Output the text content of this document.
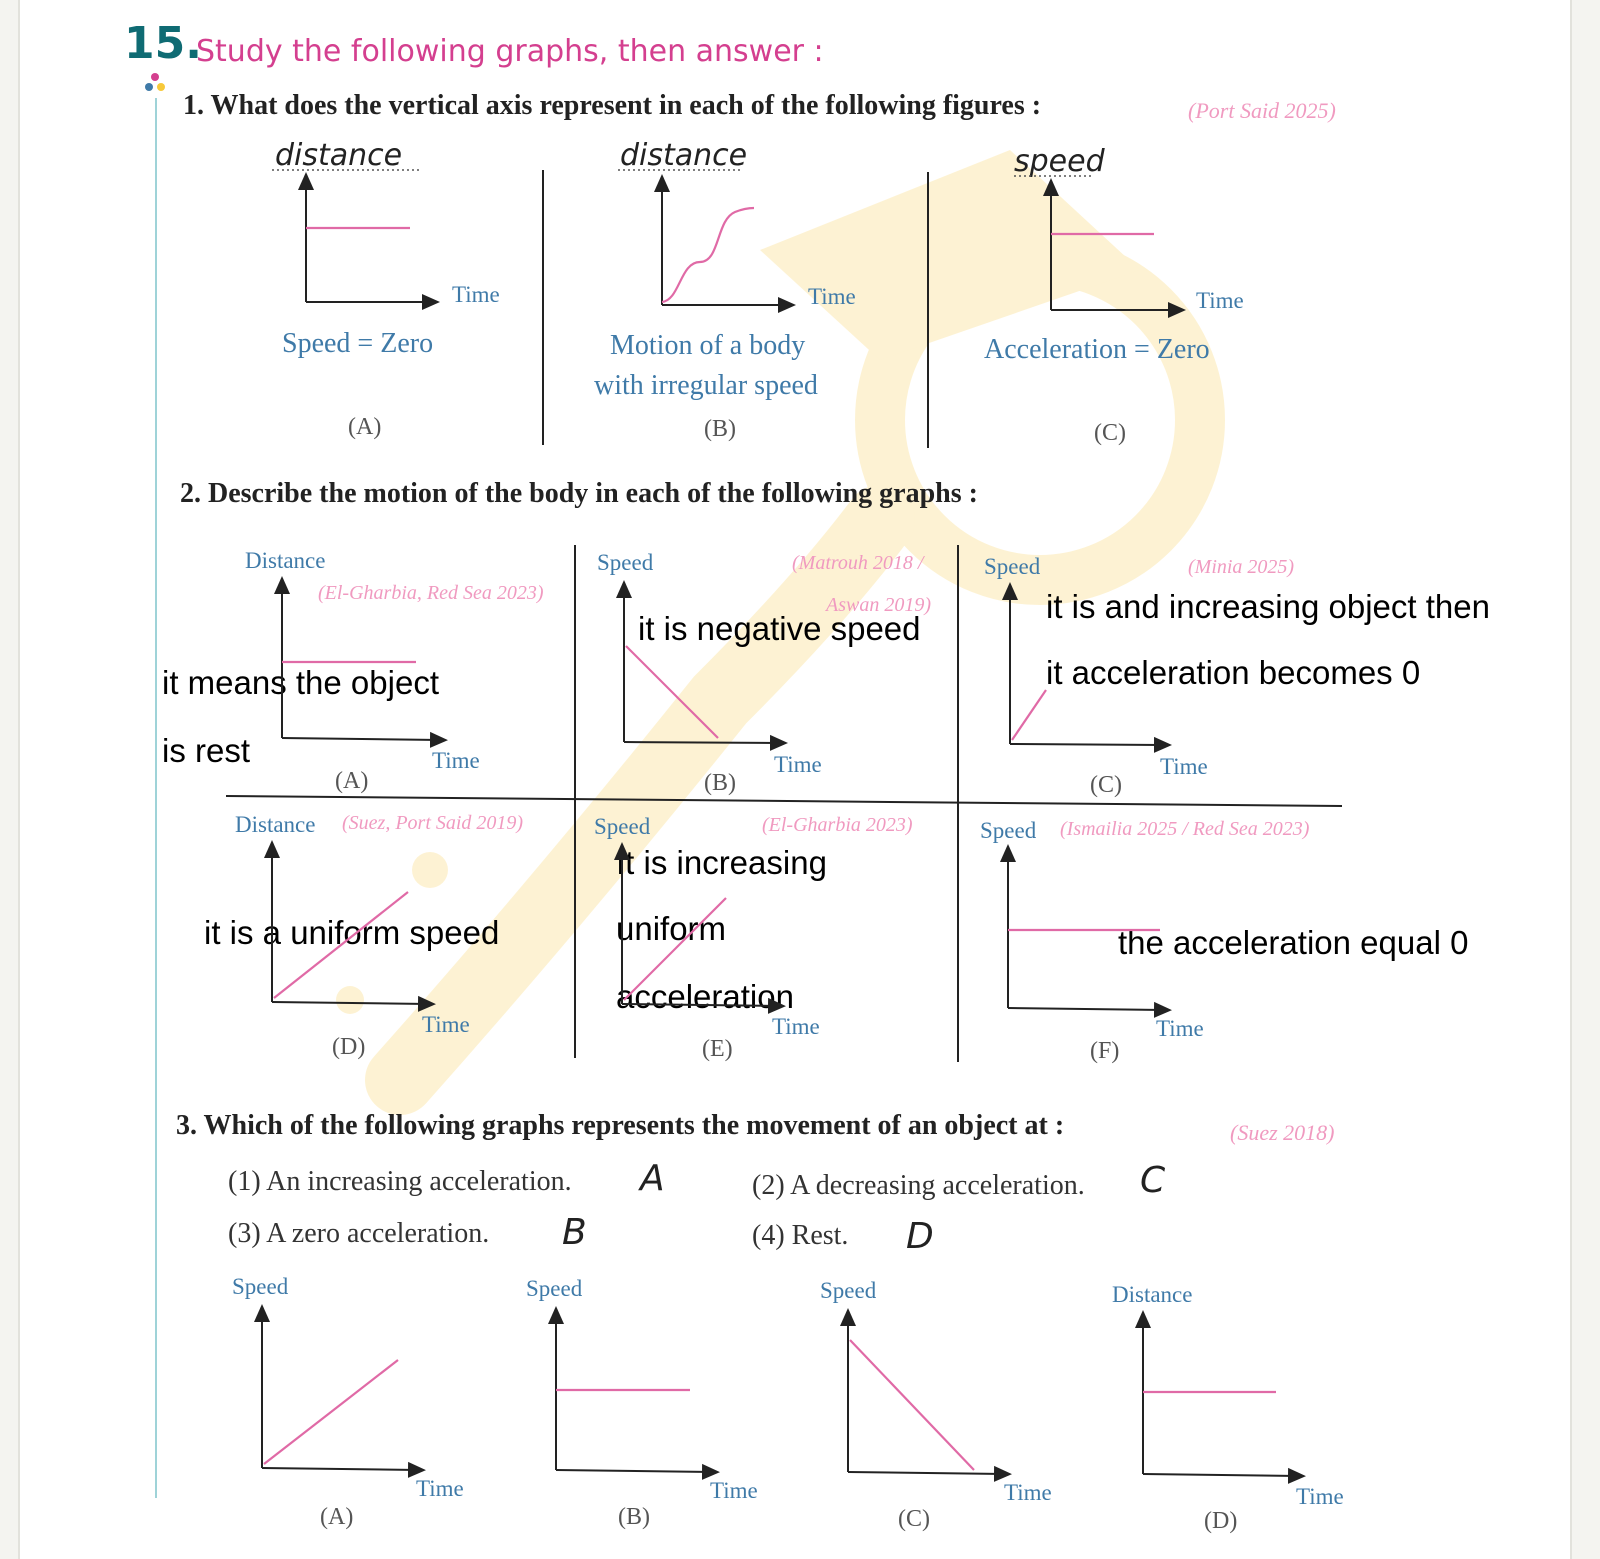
15.
Study the following graphs, then answer :
1. What does the vertical axis represent in each of the following figures :	(Port Said 2025)
distance
Time
Speed = Zero
(A)
distance
Time
Motion of a body
with irregular speed
(B)
speed
Time
Acceleration = Zero
(C)
2. Describe the motion of the body in each of the following graphs :
Distance
(El-Gharbia, Red Sea 2023)
Time
(A)
it means the object
is rest
Speed	(Matrouh 2018 /
Aswan 2019)
Time
(B)
it is negative speed
Speed	(Minia 2025)
Time
(C)
it is and increasing object then
it acceleration becomes 0
Distance (Suez, Port Said 2019)
Time
(D)
it is a uniform speed
Speed	(El-Gharbia 2023)
Time
(E)
It is increasing
uniform
acceleration
Speed (Ismailia 2025 / Red Sea 2023)
Time
(F)
the acceleration equal 0
3. Which of the following graphs represents the movement of an object at :	(Suez 2018)
(1) An increasing acceleration. A	(2) A decreasing acceleration. C
(3) A zero acceleration. B	(4) Rest. D
Speed
Time
(A)
Speed
Time
(B)
Speed
Time
(C)
Distance
Time
(D)
